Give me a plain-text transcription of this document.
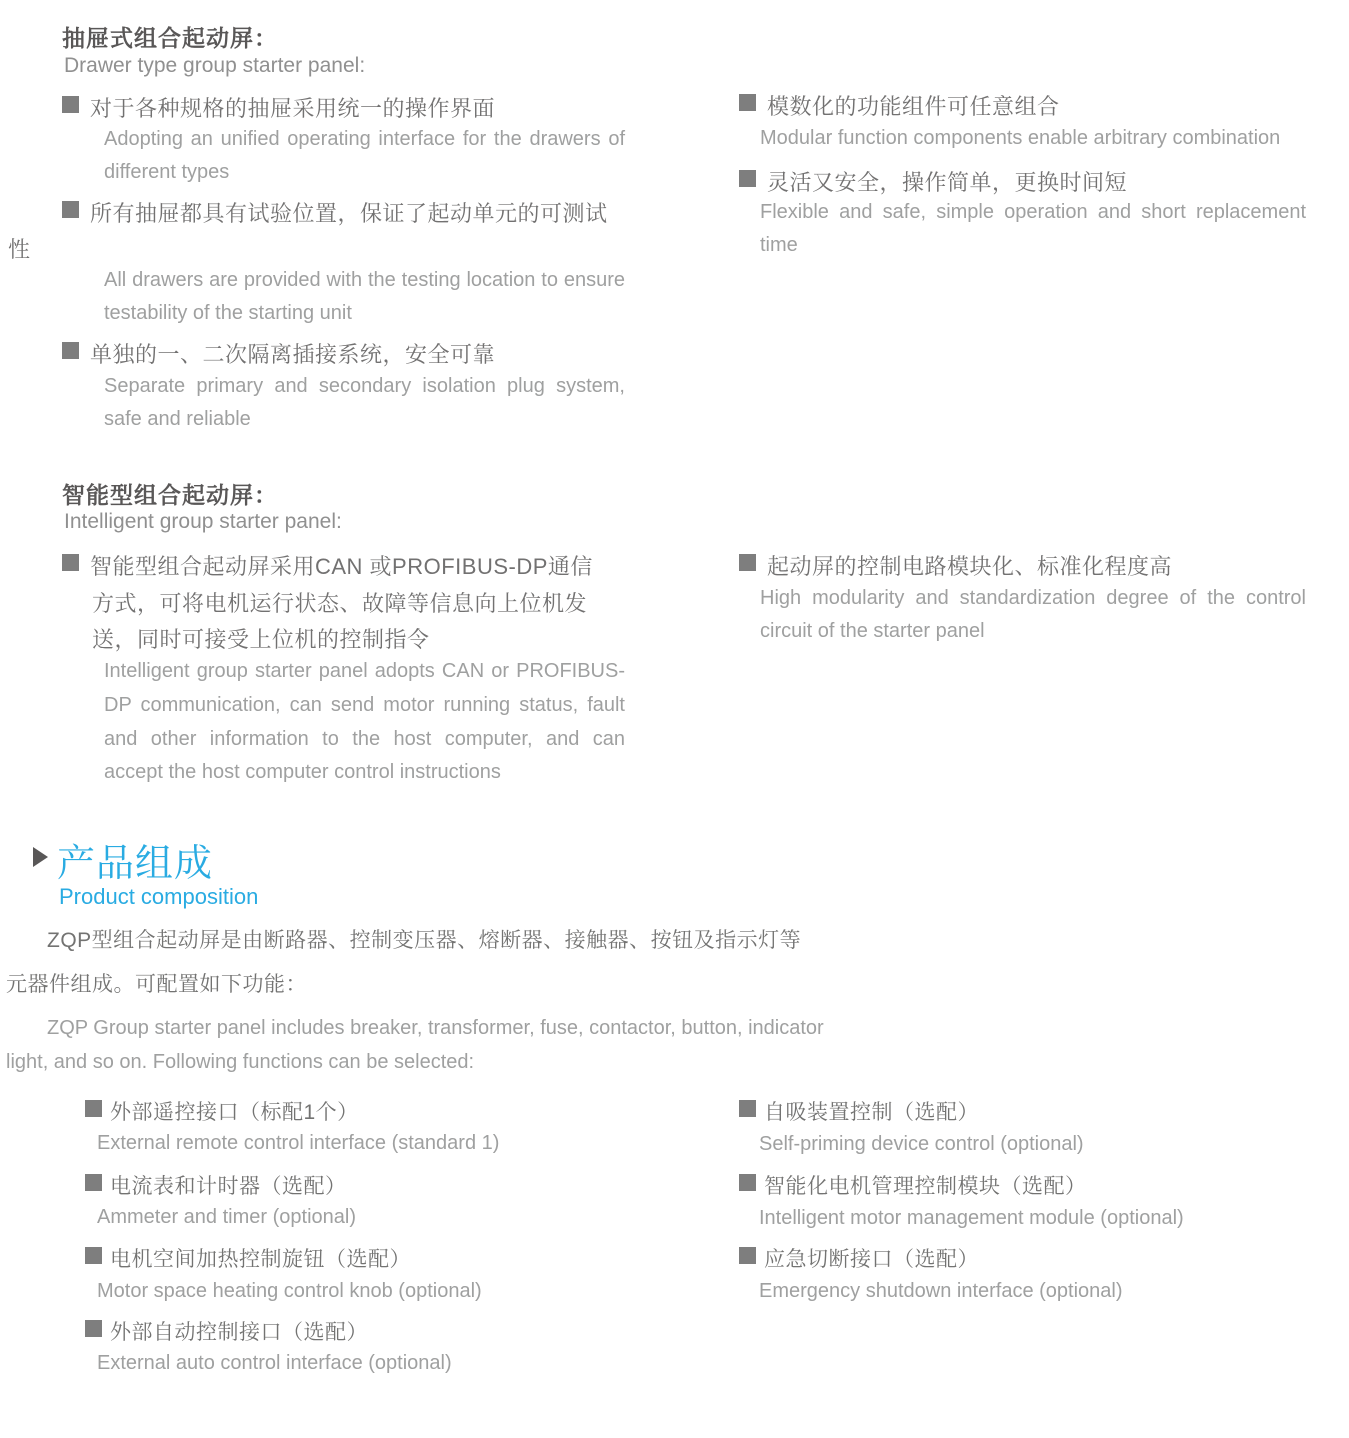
抽屉式组合起动屏：
Drawer type group starter panel:
对于各种规格的抽屉采用统一的操作界面
Adopting an unified operating interface for the drawers of
different types
所有抽屉都具有试验位置，保证了起动单元的可测试
性
All drawers are provided with the testing location to ensure
testability of the starting unit
单独的一、二次隔离插接系统，安全可靠
Separate primary and secondary isolation plug system,
safe and reliable
模数化的功能组件可任意组合
Modular function components enable arbitrary combination
灵活又安全，操作简单，更换时间短
Flexible and safe, simple operation and short replacement
time
智能型组合起动屏：
Intelligent group starter panel:
智能型组合起动屏采用CAN 或PROFIBUS-DP通信
方式，可将电机运行状态、故障等信息向上位机发
送，同时可接受上位机的控制指令
Intelligent group starter panel adopts CAN or PROFIBUS-
DP communication, can send motor running status, fault
and other information to the host computer, and can
accept the host computer control instructions
起动屏的控制电路模块化、标准化程度高
High modularity and standardization degree of the control
circuit of the starter panel
产品组成
Product composition
ZQP型组合起动屏是由断路器、控制变压器、熔断器、接触器、按钮及指示灯等
元器件组成。可配置如下功能：
ZQP Group starter panel includes breaker, transformer, fuse, contactor, button, indicator
light, and so on. Following functions can be selected:
外部遥控接口（标配1个）
External remote control interface (standard 1)
电流表和计时器（选配）
Ammeter and timer (optional)
电机空间加热控制旋钮（选配）
Motor space heating control knob (optional)
外部自动控制接口（选配）
External auto control interface (optional)
自吸装置控制（选配）
Self-priming device control (optional)
智能化电机管理控制模块（选配）
Intelligent motor management module (optional)
应急切断接口（选配）
Emergency shutdown interface (optional)
